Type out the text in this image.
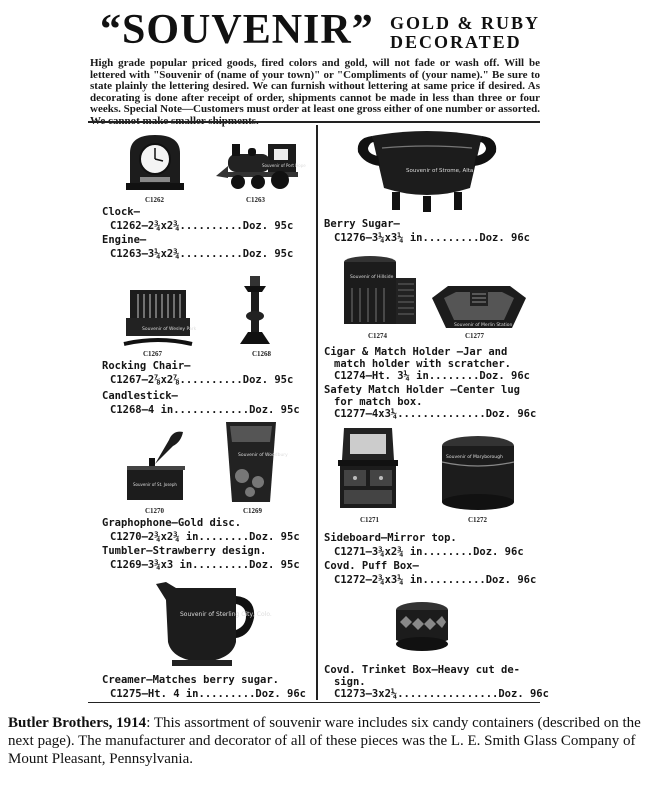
“SOUVENIR” GOLD & RUBY
DECORATED
High grade popular priced goods, fired colors and gold, will not fade or wash off. Will be lettered with "Souvenir of (name of your town)" or "Compliments of (your name)." Be sure to state plainly the lettering desired. We can furnish without lettering at same price if desired. As decorating is done after receipt of order, shipments cannot be made in less than three or four weeks. Special Note—Customers must order at least one gross either of one number or assorted.
C1262
Souvenir of Port Hope
C1263
Clock—
C1262—2¾x2¾..........Doz. 95c
Engine—
C1263—3¼x2¾..........Doz. 95c
Souvenir of Wesley Park
C1267	C1268
Rocking Chair—
C1267—2⅞x2⅞..........Doz. 95c
Candlestick—
C1268—4 in............Doz. 95c
Souvenir of St. Joseph
C1270
Souvenir of Woodbury
C1269
Graphophone—Gold disc.
C1270—2¾x2¾ in........Doz. 95c
Tumbler—Strawberry design.
C1269—3¾x3 in.........Doz. 95c
Souvenir of Sterling City, Colo.
Creamer—Matches berry sugar.
C1275—Ht. 4 in.........Doz. 96c
Souvenir of Strome, Alta
Berry Sugar—
C1276—3¼x3¼ in.........Doz. 96c
Souvenir of Hillside
C1274
Souvenir of Merlin Station
C1277
Cigar & Match Holder —Jar and
match holder with scratcher.
C1274—Ht. 3¼ in........Doz. 96c
Safety Match Holder —Center lug
for match box.
C1277—4x3¼..............Doz. 96c
C1271
Souvenir of Maryborough
C1272
Sideboard—Mirror top.
C1271—3¾x2¾ in........Doz. 96c
Covd. Puff Box—
C1272—2¾x3¼ in..........Doz. 96c
Covd. Trinket Box—Heavy cut de-
sign.
C1273—3x2¼................Doz. 96c
Butler Brothers, 1914: This assortment of souvenir ware includes six candy containers (described on the next page). The manufacturer and decorator of all of these pieces was the L. E. Smith Glass Company of Mount Pleasant, Pennsylvania.
